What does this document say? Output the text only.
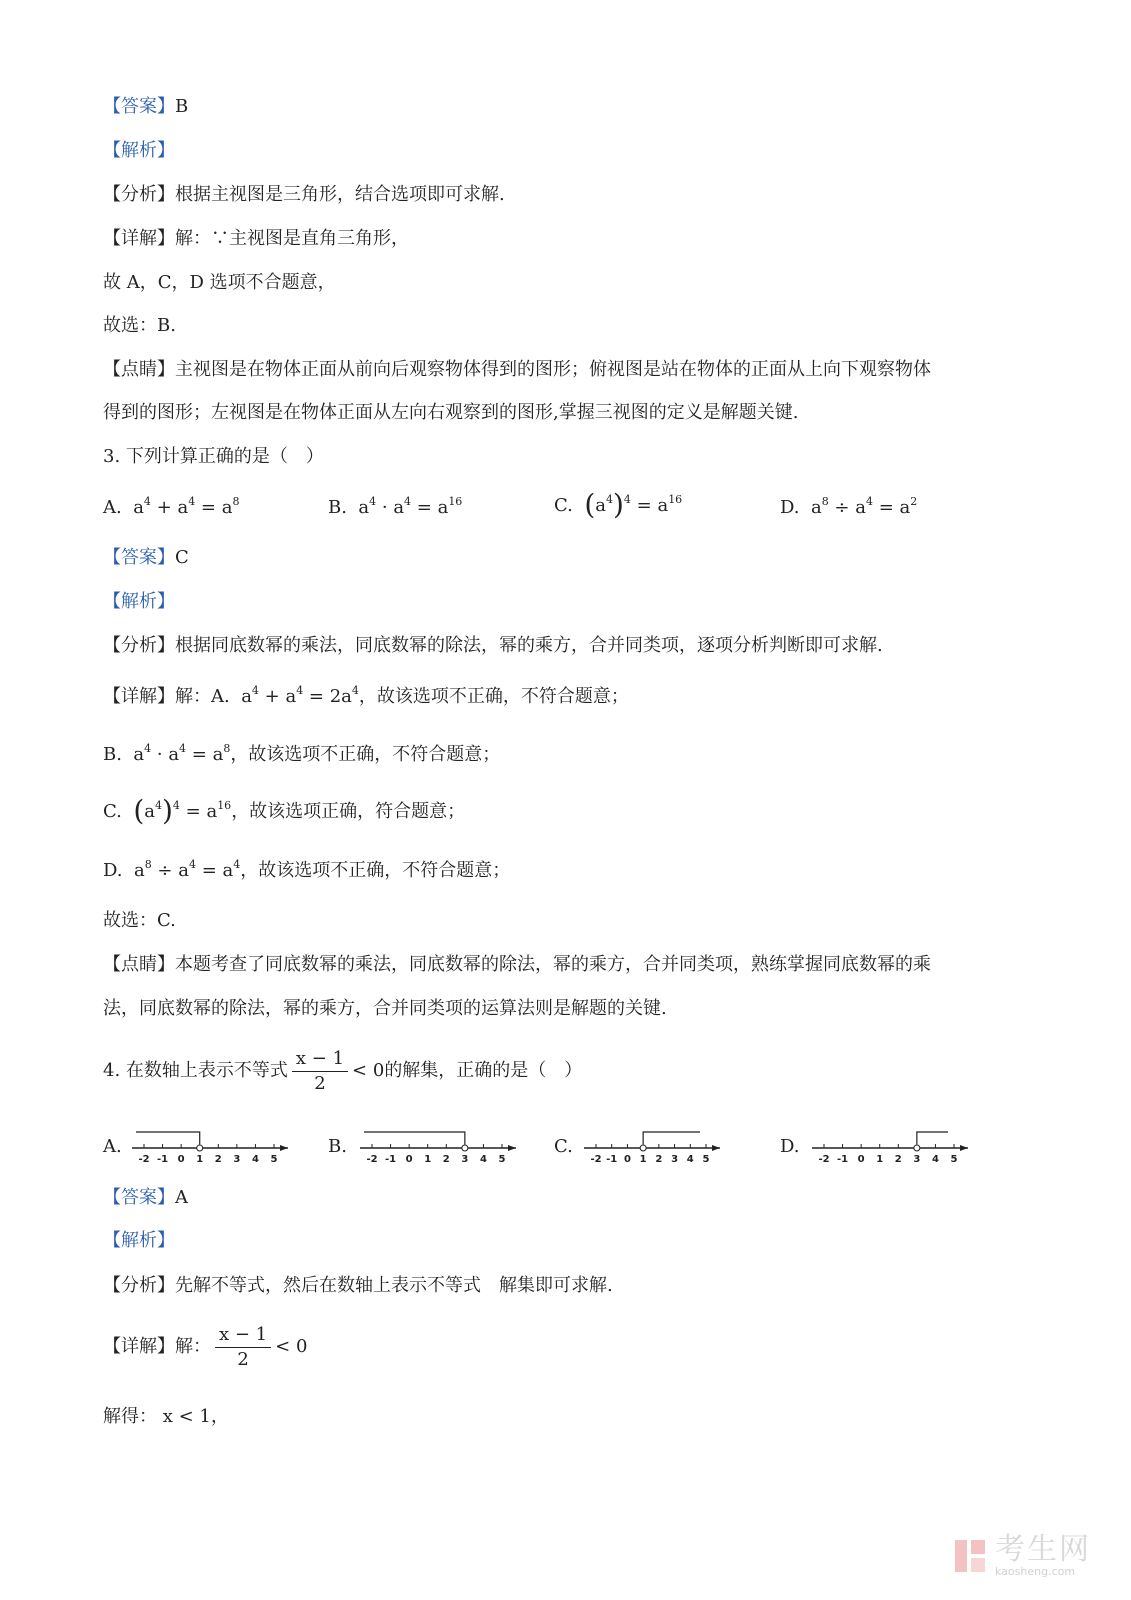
【答案】B
【解析】
【分析】根据主视图是三角形，结合选项即可求解.
【详解】解：∵主视图是直角三角形，
故 A，C，D 选项不合题意，
故选：B.
【点睛】主视图是在物体正面从前向后观察物体得到的图形；俯视图是站在物体的正面从上向下观察物体
得到的图形；左视图是在物体正面从左向右观察到的图形,掌握三视图的定义是解题关键.
3. 下列计算正确的是（　）
A. $a^4 + a^4 = a^8$	B. $a^4 \cdot a^4 = a^{16}$	C. $(a^4)^4 = a^{16}$	D. $a^8 \div a^4 = a^2$
【答案】C
【解析】
【分析】根据同底数幂的乘法，同底数幂的除法，幂的乘方，合并同类项，逐项分析判断即可求解.
【详解】解：A. $a^4 + a^4 = 2a^4$，故该选项不正确，不符合题意；
B. $a^4 \cdot a^4 = a^8$，故该选项不正确，不符合题意；
C. $(a^4)^4 = a^{16}$，故该选项正确，符合题意；
D. $a^8 \div a^4 = a^4$，故该选项不正确，不符合题意；
故选：C.
【点睛】本题考查了同底数幂的乘法，同底数幂的除法，幂的乘方，合并同类项，熟练掌握同底数幂的乘
法，同底数幂的除法，幂的乘方，合并同类项的运算法则是解题的关键.
4. 在数轴上表示不等式 $\frac{x - 1}{2} < 0$的解集，正确的是（　）
A.	B.	C.	D.
-2 -1 0 1 2 3 4 5	-2 -1 0 1 2 3 4 5	-2 -1 0 1 2 3 4 5	-2 -1 0 1 2 3 4 5
【答案】A
【解析】
【分析】先解不等式，然后在数轴上表示不等式　解集即可求解.
【详解】解： $\frac{x - 1}{2} < 0$
解得： x < 1，

考生网
kaosheng.com
